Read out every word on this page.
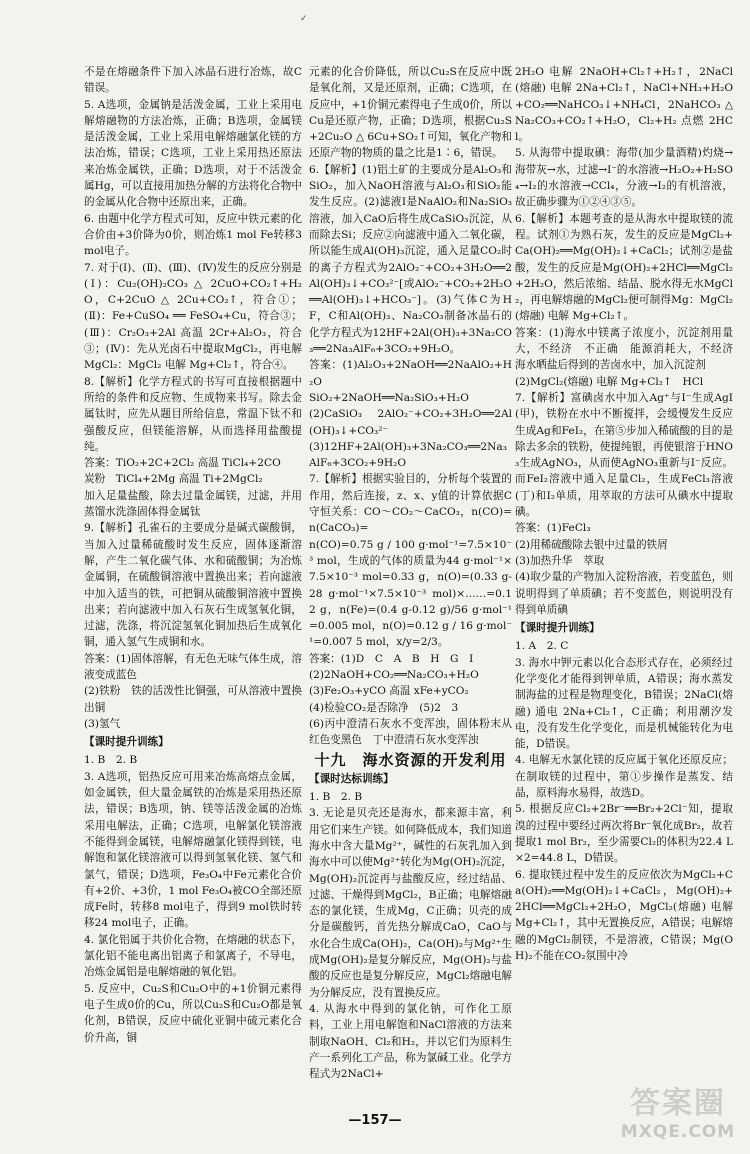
✓

不是在熔融条件下加入冰晶石进行冶炼，故C错误。

5. A选项，金属钠是活泼金属，工业上采用电解熔融物的方法冶炼，正确；B选项，金属镁是活泼金属，工业上采用电解熔融氯化镁的方法冶炼，错误；C选项，工业上采用热还原法来冶炼金属铁，正确；D选项，对于不活泼金属Hg，可以直接用加热分解的方法将化合物中的金属从化合物中还原出来，正确。

6. 由题中化学方程式可知，反应中铁元素的化合价由+3价降为0价，则冶炼1 mol Fe转移3 mol电子。

7. 对于(Ⅰ)、(Ⅱ)、(Ⅲ)、(Ⅳ)发生的反应分别是(Ⅰ)：Cu₂(OH)₂CO₃ △ 2CuO+CO₂↑+H₂O，C+2CuO △ 2Cu+CO₂↑，符合①；(Ⅱ)：Fe+CuSO₄ ══ FeSO₄+Cu，符合③；(Ⅲ)：Cr₂O₃+2Al 高温 2Cr+Al₂O₃，符合③；(Ⅳ)：先从光卤石中提取MgCl₂，再电解MgCl₂：MgCl₂ 电解 Mg+Cl₂↑，符合④。

8.【解析】化学方程式的书写可直接根据题中所给的条件和反应物、生成物来书写。除去金属钛时，应先从题目所给信息，常温下钛不和强酸反应，但镁能溶解，从而选择用盐酸提纯。

答案：TiO₂+2C+2Cl₂ 高温 TiCl₄+2CO

炭粉　TiCl₄+2Mg 高温 Ti+2MgCl₂

加入足量盐酸，除去过量金属镁，过滤，并用蒸馏水洗涤固体得金属钛

9.【解析】孔雀石的主要成分是碱式碳酸铜，当加入过量稀硫酸时发生反应，固体逐渐溶解，产生二氧化碳气体、水和硫酸铜；为冶炼金属铜，在硫酸铜溶液中置换出来；若向滤液中加入适当的铁，可把铜从硫酸铜溶液中置换出来；若向滤液中加入石灰石生成氢氧化铜，过滤，洗涤，将沉淀氢氧化铜加热后生成氧化铜，通入氢气生成铜和水。

答案：(1)固体溶解，有无色无味气体生成，溶液变成蓝色

(2)铁粉　铁的活泼性比铜强，可从溶液中置换出铜

(3)氢气

【课时提升训练】

1. B　2. B

3. A选项，铝热反应可用来冶炼高熔点金属，如金属铁，但大量金属铁的冶炼是采用热还原法，错误；B选项，钠、镁等活泼金属的冶炼采用电解法，正确；C选项，电解氯化镁溶液不能得到金属镁，电解熔融氯化镁得到镁，电解饱和氯化镁溶液可以得到氢氧化镁、氢气和氯气，错误；D选项，Fe₃O₄中Fe元素化合价有+2价、+3价，1 mol Fe₃O₄被CO全部还原成Fe时，转移8 mol电子，得到9 mol铁时转移24 mol电子，正确。

4. 氯化铝属于共价化合物，在熔融的状态下，氯化铝不能电离出铝离子和氯离子，不导电，冶炼金属铝是电解熔融的氧化铝。

5. 反应中，Cu₂S和Cu₂O中的+1价铜元素得电子生成0价的Cu，所以Cu₂S和Cu₂O都是氧化剂，B错误，反应中硫化亚铜中硫元素化合价升高，铜

元素的化合价降低，所以Cu₂S在反应中既是氧化剂，又是还原剂，正确；C选项，在反应中，+1价铜元素得电子生成0价，所以Cu是还原产物，正确；D选项，根据Cu₂S+2Cu₂O △ 6Cu+SO₂↑可知，氧化产物和还原产物的物质的量之比是1∶6，错误。

6.【解析】(1)铝土矿的主要成分是Al₂O₃和SiO₂，加入NaOH溶液与Al₂O₃和SiO₂能发生反应。(2)滤液Ⅰ是NaAlO₂和Na₂SiO₃溶液，加入CaO后将生成CaSiO₃沉淀，从而除去Si；反应②向滤液中通入二氧化碳，所以能生成Al(OH)₃沉淀，通入足量CO₂时的离子方程式为2AlO₂⁻+CO₂+3H₂O══2Al(OH)₃↓+CO₃²⁻[或AlO₂⁻+CO₂+2H₂O══Al(OH)₃↓+HCO₃⁻]。(3)气体C为HF，C和Al(OH)₃、Na₂CO₃制备冰晶石的化学方程式为12HF+2Al(OH)₃+3Na₂CO₃══2Na₃AlF₆+3CO₂+9H₂O。

答案：(1)Al₂O₃+2NaOH══2NaAlO₂+H₂O

SiO₂+2NaOH══Na₂SiO₃+H₂O

(2)CaSiO₃　2AlO₂⁻+CO₂+3H₂O══2Al(OH)₃↓+CO₃²⁻

(3)12HF+2Al(OH)₃+3Na₂CO₃══2Na₃AlF₆+3CO₂+9H₂O

7.【解析】根据实验目的，分析每个装置的作用，然后连接，z、x、y值的计算依据C守恒关系：CO～CO₂～CaCO₃，n(CO)=n(CaCO₃)=

n(CO)=0.75 g / 100 g·mol⁻¹=7.5×10⁻³ mol，生成的气体的质量为44 g·mol⁻¹×7.5×10⁻³ mol=0.33 g，n(O)=(0.33 g-28 g·mol⁻¹×7.5×10⁻³ mol)×……=0.12 g，n(Fe)=(0.4 g-0.12 g)/56 g·mol⁻¹=0.005 mol，n(O)=0.12 g / 16 g·mol⁻¹=0.007 5 mol，x/y=2/3。

答案：(1)D　C　A　B　H　G　I

(2)2NaOH+CO₂══Na₂CO₃+H₂O

(3)Fe₂O₃+yCO 高温 xFe+yCO₂

(4)检验CO₂是否除净　(5)2　3

(6)丙中澄清石灰水不变浑浊，固体粉末从红色变黑色　丁中澄清石灰水变浑浊

十九　海水资源的开发利用

【课时达标训练】

1. B　2. B

3. 无论是贝壳还是海水，都来源丰富，利用它们来生产镁。如何降低成本，我们知道海水中含大量Mg²⁺，碱性的石灰乳加入到海水中可以使Mg²⁺转化为Mg(OH)₂沉淀，Mg(OH)₂沉淀再与盐酸反应，经过结晶、过滤、干燥得到MgCl₂，B正确；电解熔融态的氯化镁，生成Mg，C正确；贝壳的成分是碳酸钙，首先热分解成CaO，CaO与水化合生成Ca(OH)₂，Ca(OH)₂与Mg²⁺生成Mg(OH)₂是复分解反应，Mg(OH)₂与盐酸的反应也是复分解反应，MgCl₂熔融电解为分解反应，没有置换反应。

4. 从海水中得到的氯化钠，可作化工原料，工业上用电解饱和NaCl溶液的方法来制取NaOH、Cl₂和H₂，并以它们为原料生产一系列化工产品，称为氯碱工业。化学方程式为2NaCl+

2H₂O 电解 2NaOH+Cl₂↑+H₂↑，2NaCl(熔融) 电解 2Na+Cl₂↑，NaCl+NH₃+H₂O+CO₂══NaHCO₃↓+NH₄Cl，2NaHCO₃ △ Na₂CO₃+CO₂↑+H₂O，Cl₂+H₂ 点燃 2HCl。

5. 从海带中提取碘：海带(加少量酒精)灼烧→海带灰→水，过滤→I⁻的水溶液→H₂O₂+H₂SO₄→I₂的水溶液→CCl₄，分液→I₂的有机溶液，故正确步骤为①②④③⑤。

6.【解析】本题考查的是从海水中提取镁的流程。试剂①为熟石灰，发生的反应是MgCl₂+Ca(OH)₂══Mg(OH)₂↓+CaCl₂；试剂②是盐酸，发生的反应是Mg(OH)₂+2HCl══MgCl₂+2H₂O，然后浓缩、结晶、脱水得无水MgCl₂，再电解熔融的MgCl₂便可制得Mg：MgCl₂(熔融) 电解 Mg+Cl₂↑。

答案：(1)海水中镁离子浓度小，沉淀剂用量大，不经济　不正确　能源消耗大，不经济　海水晒盐后得到的苦卤水中，加入沉淀剂

(2)MgCl₂(熔融) 电解 Mg+Cl₂↑　HCl

7.【解析】富碘卤水中加入Ag⁺与I⁻生成AgI(甲)，铁粉在水中不断搅拌，会缓慢发生反应生成Ag和FeI₂，在第⑤步加入稀硫酸的目的是除去多余的铁粉，使提纯银，再使银溶于HNO₃生成AgNO₃，从而使AgNO₃重新与I⁻反应。而FeI₂溶液中通入足量Cl₂，生成FeCl₃溶液(丁)和I₂单质，用萃取的方法可从碘水中提取碘。

答案：(1)FeCl₃

(2)用稀硫酸除去银中过量的铁屑

(3)加热升华　萃取

(4)取少量的产物加入淀粉溶液，若变蓝色，则说明得到了单质碘；若不变蓝色，则说明没有得到单质碘

【课时提升训练】

1. A　2. C

3. 海水中钾元素以化合态形式存在，必须经过化学变化才能得到钾单质，A错误；海水蒸发制海盐的过程是物理变化，B错误；2NaCl(熔融) 通电 2Na+Cl₂↑，C正确；利用潮汐发电，没有发生化学变化，而是机械能转化为电能，D错误。

4. 电解无水氯化镁的反应属于氧化还原反应；在制取镁的过程中，第①步操作是蒸发、结晶，原料海水易得，故选D。

5. 根据反应Cl₂+2Br⁻══Br₂+2Cl⁻知，提取溴的过程中要经过两次将Br⁻氧化成Br₂，故若提取1 mol Br₂，至少需要Cl₂的体积为22.4 L×2=44.8 L，D错误。

6. 提取镁过程中发生的反应依次为MgCl₂+Ca(OH)₂══Mg(OH)₂↓+CaCl₂，Mg(OH)₂+2HCl══MgCl₂+2H₂O，MgCl₂(熔融) 电解 Mg+Cl₂↑，其中无置换反应，A错误；电解熔融的MgCl₂制镁，不是溶液，C错误；Mg(OH)₂不能在CO₂氛围中冷

—157—	答案圈
MXQE.COM
